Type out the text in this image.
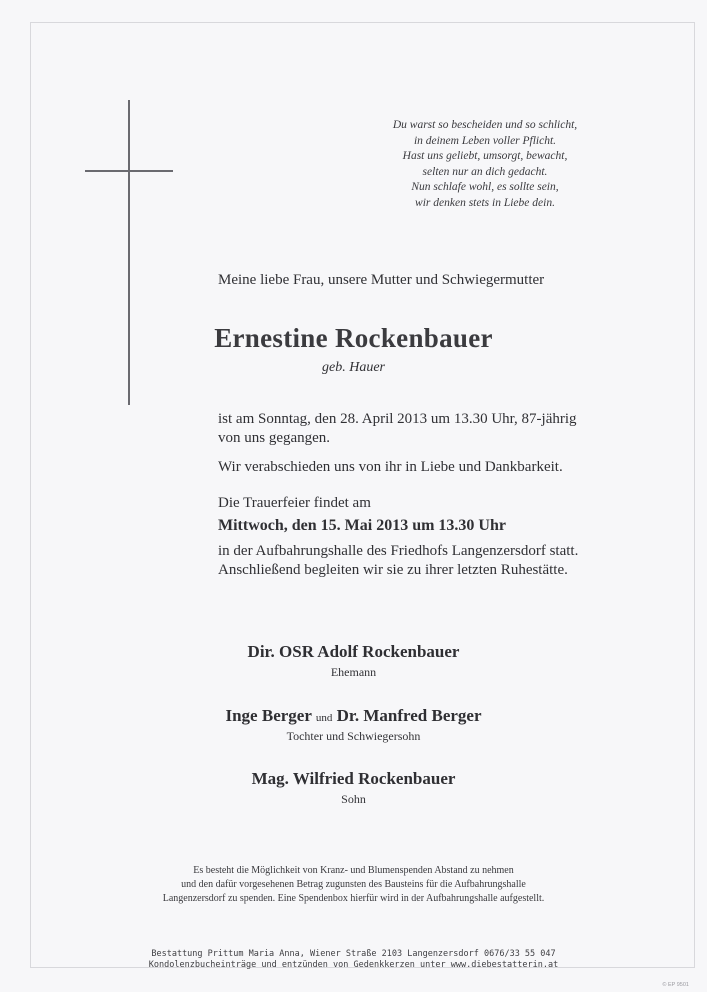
Du warst so bescheiden und so schlicht,
in deinem Leben voller Pflicht.
Hast uns geliebt, umsorgt, bewacht,
selten nur an dich gedacht.
Nun schlafe wohl, es sollte sein,
wir denken stets in Liebe dein.
Meine liebe Frau, unsere Mutter und Schwiegermutter
Ernestine Rockenbauer
geb. Hauer
ist am Sonntag, den 28. April 2013 um 13.30 Uhr, 87-jährig
von uns gegangen.
Wir verabschieden uns von ihr in Liebe und Dankbarkeit.
Die Trauerfeier findet am
Mittwoch, den 15. Mai 2013 um 13.30 Uhr
in der Aufbahrungshalle des Friedhofs Langenzersdorf statt.
Anschließend begleiten wir sie zu ihrer letzten Ruhestätte.
Dir. OSR Adolf Rockenbauer
Ehemann
Inge Berger und Dr. Manfred Berger
Tochter und Schwiegersohn
Mag. Wilfried Rockenbauer
Sohn
Es besteht die Möglichkeit von Kranz- und Blumenspenden Abstand zu nehmen
und den dafür vorgesehenen Betrag zugunsten des Bausteins für die Aufbahrungshalle
Langenzersdorf zu spenden. Eine Spendenbox hierfür wird in der Aufbahrungshalle aufgestellt.
Bestattung Prittum Maria Anna, Wiener Straße 2103 Langenzersdorf 0676/33 55 047
Kondolenzbucheinträge und entzünden von Gedenkkerzen unter www.diebestatterin.at
© EP 9501
